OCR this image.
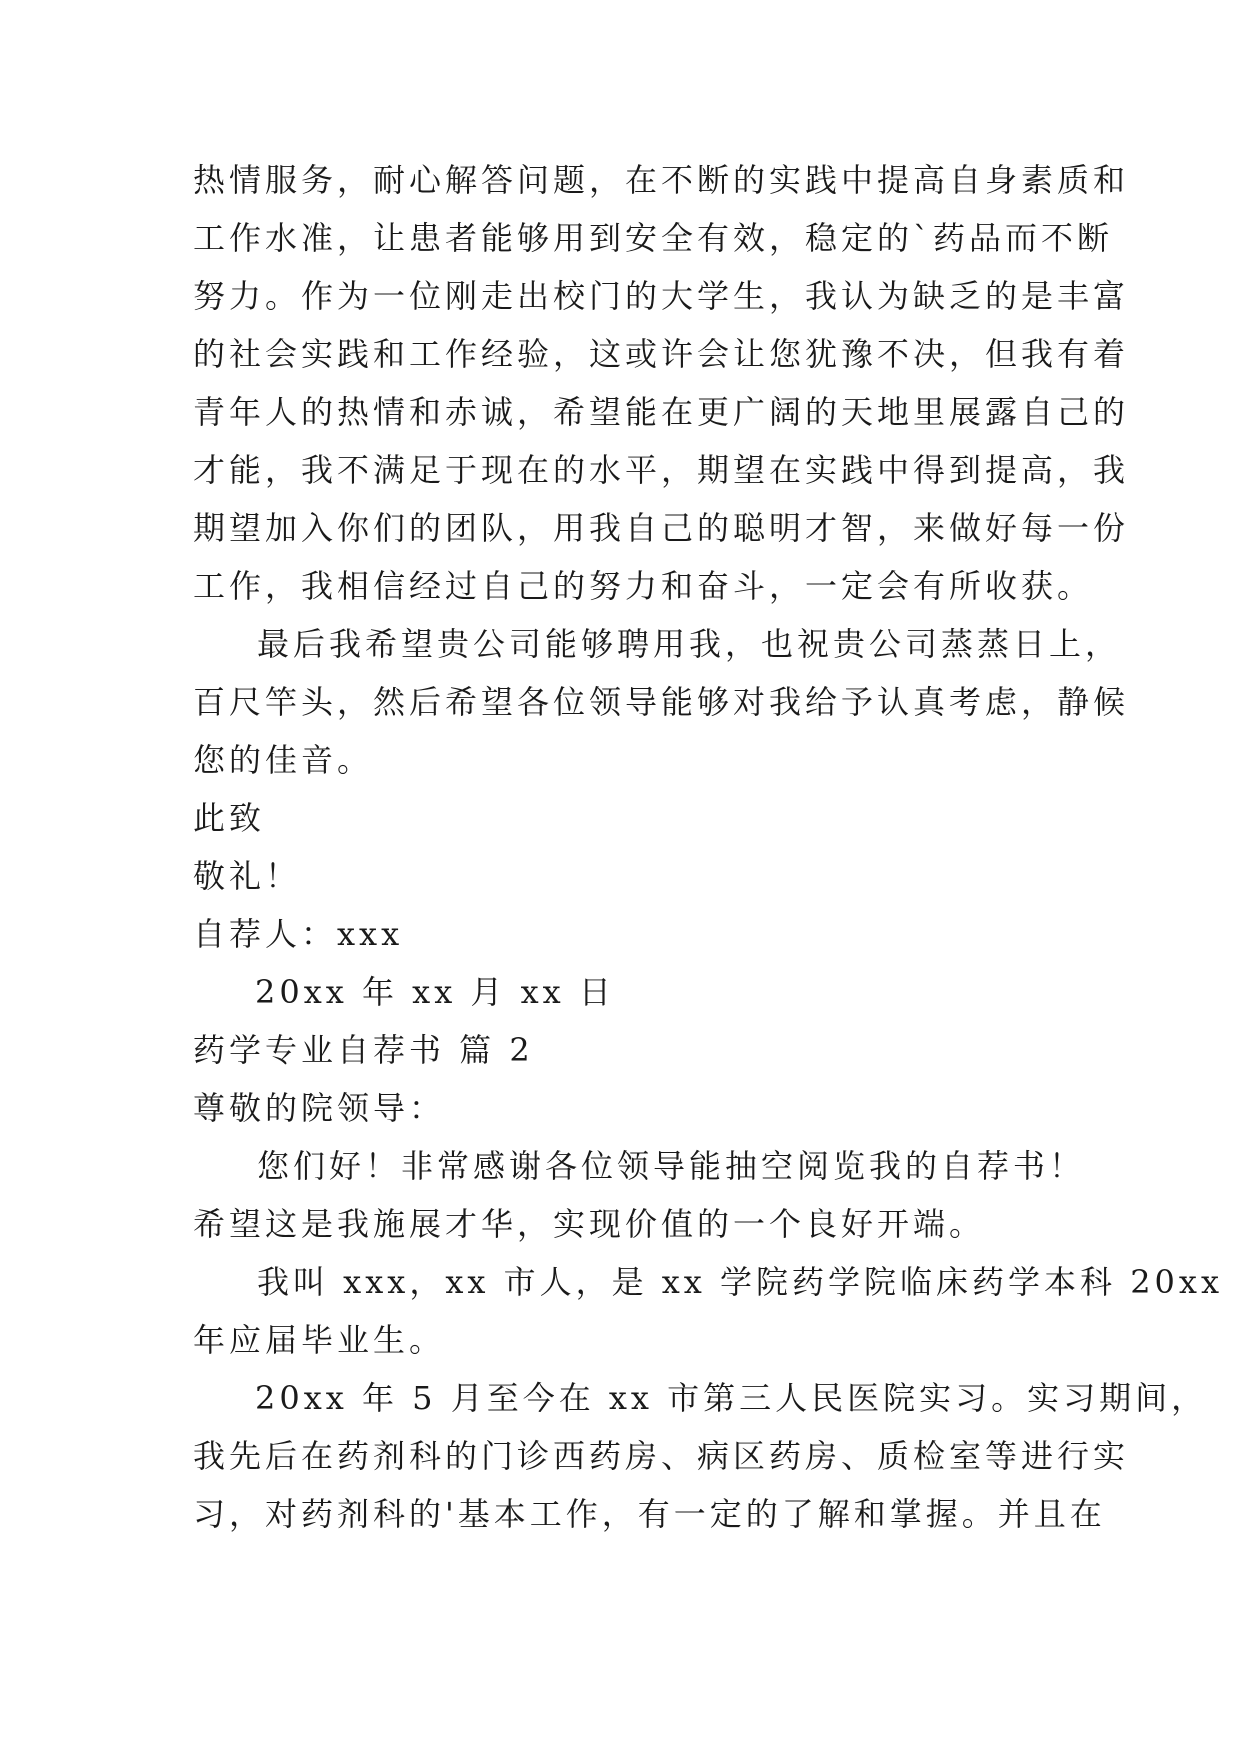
热情服务，耐心解答问题，在不断的实践中提高自身素质和
工作水准，让患者能够用到安全有效，稳定的`药品而不断
努力。作为一位刚走出校门的大学生，我认为缺乏的是丰富
的社会实践和工作经验，这或许会让您犹豫不决，但我有着
青年人的热情和赤诚，希望能在更广阔的天地里展露自己的
才能，我不满足于现在的水平，期望在实践中得到提高，我
期望加入你们的团队，用我自己的聪明才智，来做好每一份
工作，我相信经过自己的努力和奋斗，一定会有所收获。
最后我希望贵公司能够聘用我，也祝贵公司蒸蒸日上，
百尺竿头，然后希望各位领导能够对我给予认真考虑，静候
您的佳音。
此致
敬礼！
自荐人：xxx
20xx 年 xx 月 xx 日
药学专业自荐书 篇 2
尊敬的院领导：
您们好！非常感谢各位领导能抽空阅览我的自荐书！
希望这是我施展才华，实现价值的一个良好开端。
我叫 xxx，xx 市人，是 xx 学院药学院临床药学本科 20xx
年应届毕业生。
20xx 年 5 月至今在 xx 市第三人民医院实习。实习期间，
我先后在药剂科的门诊西药房、病区药房、质检室等进行实
习，对药剂科的'基本工作，有一定的了解和掌握。并且在
